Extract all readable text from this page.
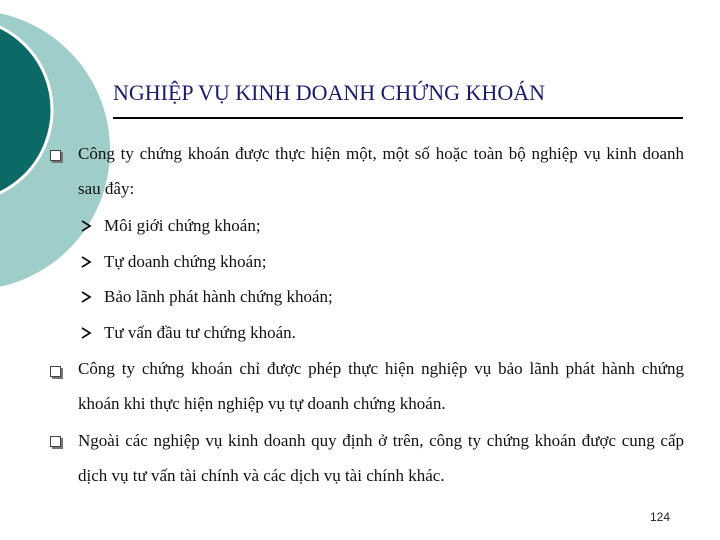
NGHIỆP VỤ KINH DOANH CHỨNG KHOÁN
Công ty chứng khoán được thực hiện một, một số hoặc toàn bộ nghiệp vụ kinh doanh sau đây:
Môi giới chứng khoán;
Tự doanh chứng khoán;
Bảo lãnh phát hành chứng khoán;
Tư vấn đầu tư chứng khoán.
Công ty chứng khoán chỉ được phép thực hiện nghiệp vụ bảo lãnh phát hành chứng khoán khi thực hiện nghiệp vụ tự doanh chứng khoán.
Ngoài các nghiệp vụ kinh doanh quy định ở trên, công ty chứng khoán được cung cấp dịch vụ tư vấn tài chính và các dịch vụ tài chính khác.
124
